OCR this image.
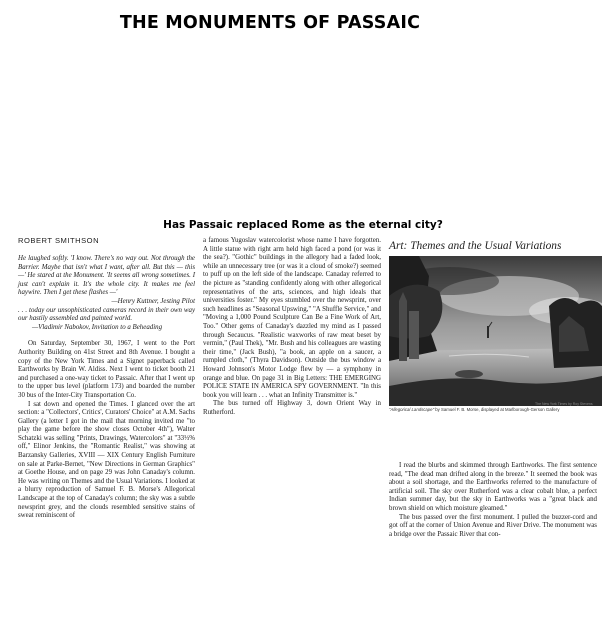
THE MONUMENTS OF PASSAIC
Has Passaic replaced Rome as the eternal city?
ROBERT SMITHSON

He laughed softly. 'I know. There's no way out. Not through the Barrier. Maybe that isn't what I want, after all. But this — this —' He stared at the Monument. 'It seems all wrong sometimes. I just can't explain it. It's the whole city. It makes me feel haywire. Then I get these flashes —'

—Henry Kuttner, Jesting Pilot

. . . today our unsophisticated cameras record in their own way our hastily assembled and painted world.

—Vladimir Nabokov, Invitation to a Beheading

On Saturday, September 30, 1967, I went to the Port Authority Building on 41st Street and 8th Avenue. I bought a copy of the New York Times and a Signet paperback called Earthworks by Brain W. Aldiss. Next I went to ticket booth 21 and purchased a one-way ticket to Passaic. After that I went up to the upper bus level (platform 173) and boarded the number 30 bus of the Inter-City Transportation Co.

I sat down and opened the Times. I glanced over the art section: a "Collectors', Critics', Curators' Choice" at A.M. Sachs Gallery (a letter I got in the mail that morning invited me "to play the game before the show closes October 4th"), Walter Schatzki was selling "Prints, Drawings, Watercolors" at "33⅓% off," Elinor Jenkins, the "Romantic Realist," was showing at Barzansky Galleries, XVIII — XIX Century English Furniture on sale at Parke-Bernet, "New Directions in German Graphics" at Goethe House, and on page 29 was John Canaday's column. He was writing on Themes and the Usual Variations. I looked at a blurry reproduction of Samuel F. B. Morse's Allegorical Landscape at the top of Canaday's column; the sky was a subtle newsprint grey, and the clouds resembled sensitive stains of sweat reminiscent of

a famous Yugoslav watercolorist whose name I have forgotten. A little statue with right arm held high faced a pond (or was it the sea?). "Gothic" buildings in the allegory had a faded look, while an unnecessary tree (or was it a cloud of smoke?) seemed to puff up on the left side of the landscape. Canaday referred to the picture as "standing confidently along with other allegorical representatives of the arts, sciences, and high ideals that universities foster." My eyes stumbled over the newsprint, over such headlines as "Seasonal Upswing," "A Shuffle Service," and "Moving a 1,000 Pound Sculpture Can Be a Fine Work of Art, Too." Other gems of Canaday's dazzled my mind as I passed through Secaucus. "Realistic waxworks of raw meat beset by vermin," (Paul Thek), "Mr. Bush and his colleagues are wasting their time," (Jack Bush), "a book, an apple on a saucer, a rumpled cloth," (Thyra Davidson). Outside the bus window a Howard Johnson's Motor Lodge flew by — a symphony in orange and blue. On page 31 in Big Letters: THE EMERGING POLICE STATE IN AMERICA SPY GOVERNMENT. "In this book you will learn . . . what an Infinity Transmitter is."

The bus turned off Highway 3, down Orient Way in Rutherford.

Art: Themes and the Usual Variations
The New York Times by Roy Stevens
"Allegorical Landscape" by Samuel F. B. Morse, displayed at Marlborough-Gerson Gallery

I read the blurbs and skimmed through Earthworks. The first sentence read, "The dead man drifted along in the breeze." It seemed the book was about a soil shortage, and the Earthworks referred to the manufacture of artificial soil. The sky over Rutherford was a clear cobalt blue, a perfect Indian summer day, but the sky in Earthworks was a "great black and brown shield on which moisture gleamed."

The bus passed over the first monument. I pulled the buzzer-cord and got off at the corner of Union Avenue and River Drive. The monument was a bridge over the Passaic River that con-
